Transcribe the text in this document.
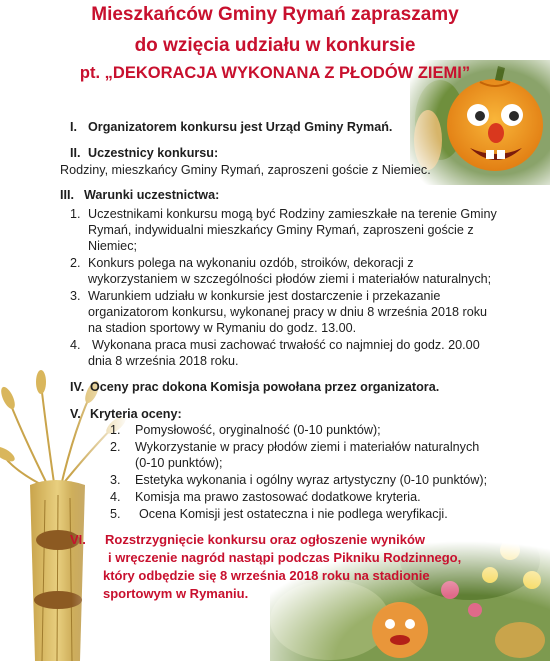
Mieszkańców Gminy Rymań zapraszamy
do wzięcia udziału w konkursie
pt. „DEKORACJA WYKONANA Z PŁODÓW ZIEMI”
I. Organizatorem konkursu jest Urząd Gminy Rymań.
II. Uczestnicy konkursu:
Rodziny, mieszkańcy Gminy Rymań, zaproszeni goście z Niemiec.
III. Warunki uczestnictwa:
1. Uczestnikami konkursu mogą być Rodziny zamieszkałe na terenie Gminy
Rymań, indywidualni mieszkańcy Gminy Rymań, zaproszeni goście z
Niemiec;
2. Konkurs polega na wykonaniu ozdób, stroików, dekoracji z
wykorzystaniem w szczególności płodów ziemi i materiałów naturalnych;
3. Warunkiem udziału w konkursie jest dostarczenie i przekazanie
organizatorom konkursu, wykonanej pracy w dniu 8 września 2018 roku
na stadion sportowy w Rymaniu do godz. 13.00.
4. Wykonana praca musi zachować trwałość co najmniej do godz. 20.00
dnia 8 września 2018 roku.
IV. Oceny prac dokona Komisja powołana przez organizatora.
V. Kryteria oceny:
1. Pomysłowość, oryginalność (0-10 punktów);
2. Wykorzystanie w pracy płodów ziemi i materiałów naturalnych
(0-10 punktów);
3. Estetyka wykonania i ogólny wyraz artystyczny (0-10 punktów);
4. Komisja ma prawo zastosować dodatkowe kryteria.
5. Ocena Komisji jest ostateczna i nie podlega weryfikacji.
VI. Rozstrzygnięcie konkursu oraz ogłoszenie wyników
i wręczenie nagród nastąpi podczas Pikniku Rodzinnego,
który odbędzie się 8 września 2018 roku na stadionie
sportowym w Rymaniu.
